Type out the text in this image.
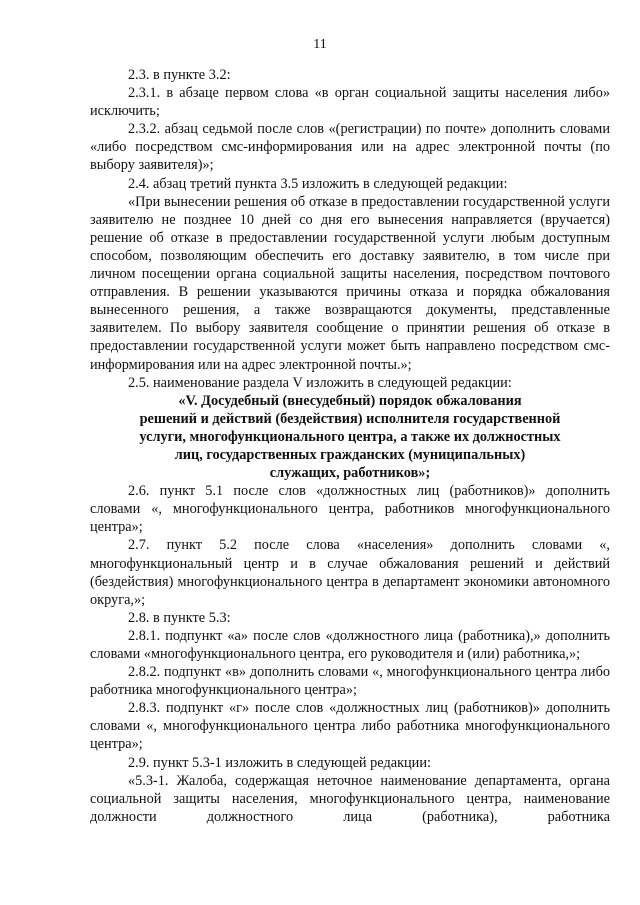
11

2.3. в пункте 3.2:

2.3.1. в абзаце первом слова «в орган социальной защиты населения либо» исключить;

2.3.2. абзац седьмой после слов «(регистрации) по почте» дополнить словами «либо посредством смс-информирования или на адрес электронной почты (по выбору заявителя)»;

2.4. абзац третий пункта 3.5 изложить в следующей редакции:

«При вынесении решения об отказе в предоставлении государственной услуги заявителю не позднее 10 дней со дня его вынесения направляется (вручается) решение об отказе в предоставлении государственной услуги любым доступным способом, позволяющим обеспечить его доставку заявителю, в том числе при личном посещении органа социальной защиты населения, посредством почтового отправления. В решении указываются причины отказа и порядка обжалования вынесенного решения, а также возвращаются документы, представленные заявителем. По выбору заявителя сообщение о принятии решения об отказе в предоставлении государственной услуги может быть направлено посредством смс-информирования или на адрес электронной почты.»;

2.5. наименование раздела V изложить в следующей редакции:

«V. Досудебный (внесудебный) порядок обжалования

решений и действий (бездействия) исполнителя государственной

услуги, многофункционального центра, а также их должностных

лиц, государственных гражданских (муниципальных)

служащих, работников»;

2.6. пункт 5.1 после слов «должностных лиц (работников)» дополнить словами «, многофункционального центра, работников многофункционального центра»;

2.7. пункт 5.2 после слова «населения» дополнить словами «, многофункциональный центр и в случае обжалования решений и действий (бездействия) многофункционального центра в департамент экономики автономного округа,»;

2.8. в пункте 5.3:

2.8.1. подпункт «а» после слов «должностного лица (работника),» дополнить словами «многофункционального центра, его руководителя и (или) работника,»;

2.8.2. подпункт «в» дополнить словами «, многофункционального центра либо работника многофункционального центра»;

2.8.3. подпункт «г» после слов «должностных лиц (работников)» дополнить словами «, многофункционального центра либо работника многофункционального центра»;

2.9. пункт 5.3-1 изложить в следующей редакции:

«5.3-1. Жалоба, содержащая неточное наименование департамента, органа социальной защиты населения, многофункционального центра, наименование должности должностного лица (работника), работника
